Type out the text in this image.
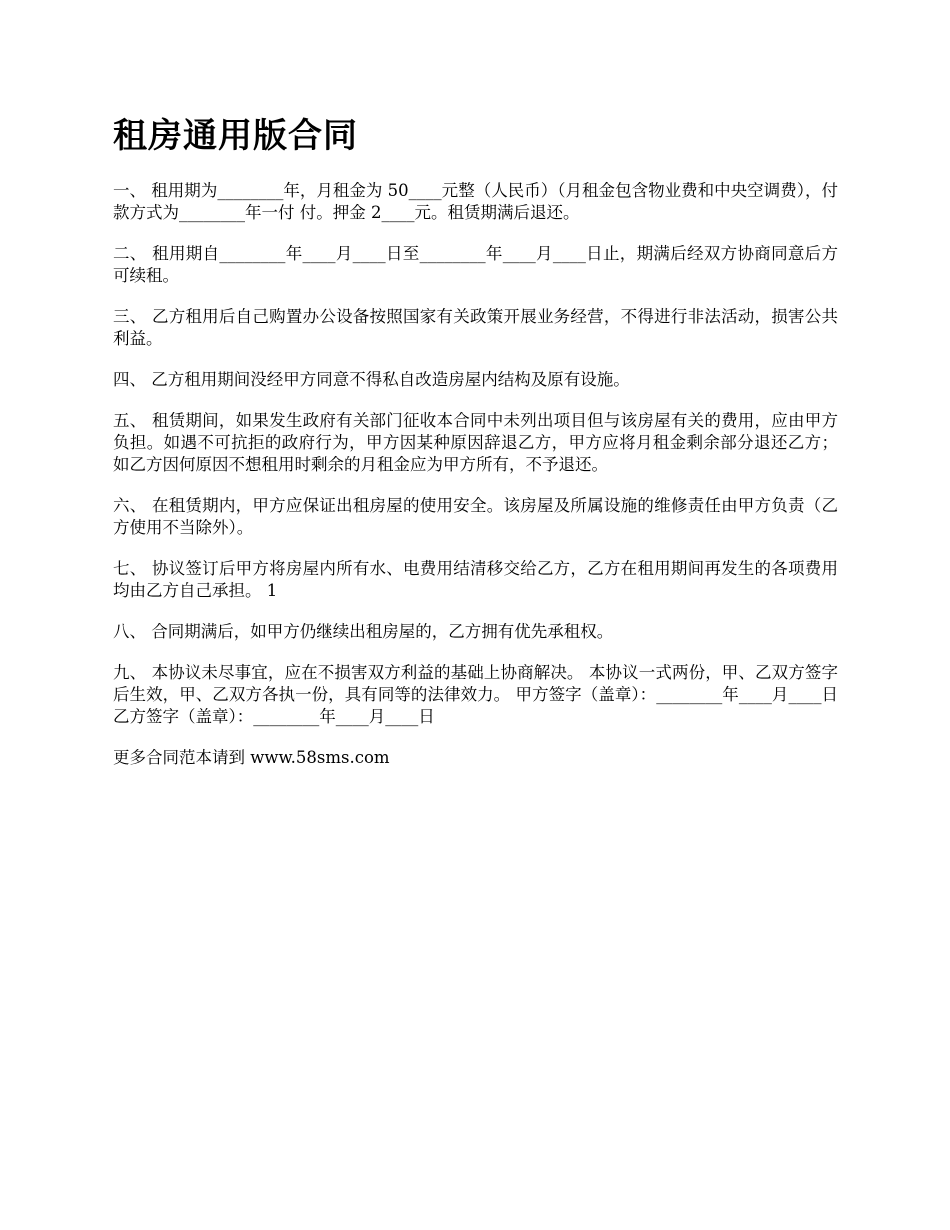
租房通用版合同

一、 租用期为________年，月租金为 50____元整（人民币）（月租金包含物业费和中央空调费），付款方式为________年一付 付。押金 2____元。租赁期满后退还。

二、 租用期自________年____月____日至________年____月____日止，期满后经双方协商同意后方可续租。

三、 乙方租用后自己购置办公设备按照国家有关政策开展业务经营，不得进行非法活动，损害公共利益。

四、 乙方租用期间没经甲方同意不得私自改造房屋内结构及原有设施。

五、 租赁期间，如果发生政府有关部门征收本合同中未列出项目但与该房屋有关的费用，应由甲方负担。如遇不可抗拒的政府行为，甲方因某种原因辞退乙方，甲方应将月租金剩余部分退还乙方；如乙方因何原因不想租用时剩余的月租金应为甲方所有，不予退还。

六、 在租赁期内，甲方应保证出租房屋的使用安全。该房屋及所属设施的维修责任由甲方负责（乙方使用不当除外）。

七、 协议签订后甲方将房屋内所有水、电费用结清移交给乙方，乙方在租用期间再发生的各项费用均由乙方自己承担。 1

八、 合同期满后，如甲方仍继续出租房屋的，乙方拥有优先承租权。

九、 本协议未尽事宜，应在不损害双方利益的基础上协商解决。 本协议一式两份，甲、乙双方签字后生效，甲、乙双方各执一份，具有同等的法律效力。 甲方签字（盖章）：________年____月____日 乙方签字（盖章）：________年____月____日

更多合同范本请到 www.58sms.com
